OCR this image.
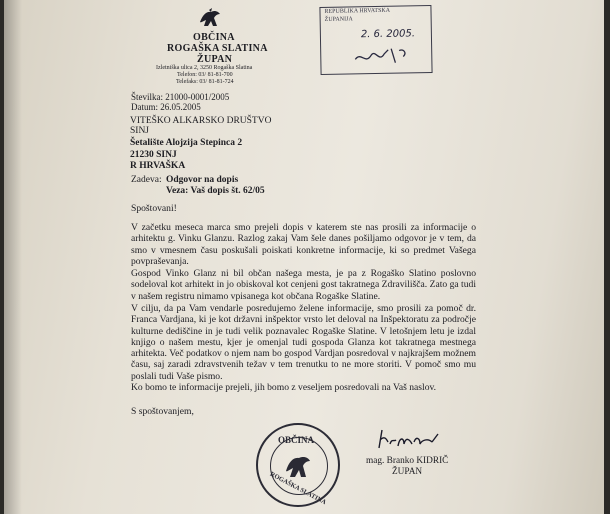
OBČINA
ROGAŠKA SLATINA
ŽUPAN
Izletniška ulica 2, 3250 Rogaška Slatina
Telefon: 03/ 81-81-700
Telefaks: 03/ 81-81-724
REPUBLIKA HRVATSKA
ŽUPANIJA
2. 6. 2005.
Številka: 21000-0001/2005
Datum: 26.05.2005
VITEŠKO ALKARSKO DRUŠTVO
SINJ
Šetalište Alojzija Stepinca 2
21230 SINJ
R HRVAŠKA
Zadeva: Odgovor na dopis
Veza: Vaš dopis št. 62/05
Spoštovani!
V začetku meseca marca smo prejeli dopis v katerem ste nas prosili za informacije o arhitektu g. Vinku Glanzu. Razlog zakaj Vam šele danes pošiljamo odgovor je v tem, da smo v vmesnem času poskušali poiskati konkretne informacije, ki so predmet Vašega povpraševanja.
Gospod Vinko Glanz ni bil občan našega mesta, je pa z Rogaško Slatino poslovno sodeloval kot arhitekt in jo obiskoval kot cenjeni gost takratnega Zdravilišča. Zato ga tudi v našem registru nimamo vpisanega kot občana Rogaške Slatine.
V cilju, da pa Vam vendarle posredujemo želene informacije, smo prosili za pomoč dr. Franca Vardjana, ki je kot državni inšpektor vrsto let deloval na Inšpektoratu za področje kulturne dediščine in je tudi velik poznavalec Rogaške Slatine. V letošnjem letu je izdal knjigo o našem mestu, kjer je omenjal tudi gospoda Glanza kot takratnega mestnega arhitekta. Več podatkov o njem nam bo gospod Vardjan posredoval v najkrajšem možnem času, saj zaradi zdravstvenih težav v tem trenutku to ne more storiti. V pomoč smo mu poslali tudi Vaše pismo.
Ko bomo te informacije prejeli, jih bomo z veseljem posredovali na Vaš naslov.
S spoštovanjem,
mag. Branko KIDRIČ
ŽUPAN
OBČINA
ROGAŠKA SLATINA
